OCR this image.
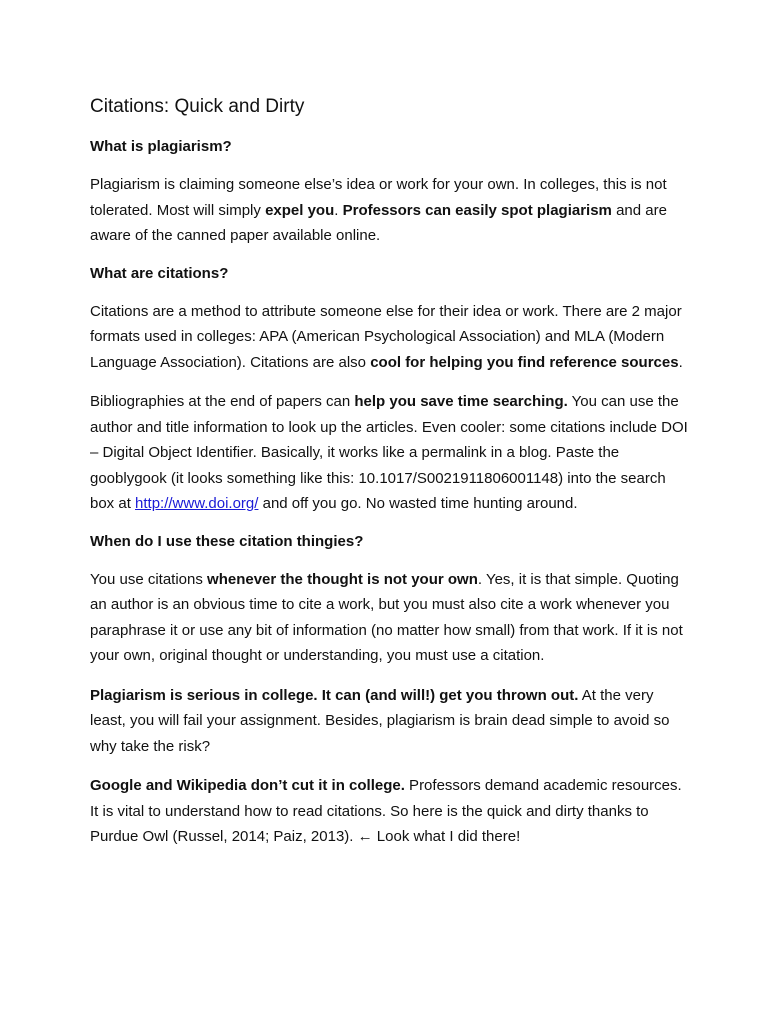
Citations: Quick and Dirty
What is plagiarism?
Plagiarism is claiming someone else’s idea or work for your own. In colleges, this is not tolerated. Most will simply expel you. Professors can easily spot plagiarism and are aware of the canned paper available online.
What are citations?
Citations are a method to attribute someone else for their idea or work. There are 2 major formats used in colleges: APA (American Psychological Association) and MLA (Modern Language Association). Citations are also cool for helping you find reference sources.
Bibliographies at the end of papers can help you save time searching. You can use the author and title information to look up the articles. Even cooler: some citations include DOI – Digital Object Identifier. Basically, it works like a permalink in a blog. Paste the gooblygook (it looks something like this: 10.1017/S0021911806001148) into the search box at http://www.doi.org/ and off you go. No wasted time hunting around.
When do I use these citation thingies?
You use citations whenever the thought is not your own. Yes, it is that simple. Quoting an author is an obvious time to cite a work, but you must also cite a work whenever you paraphrase it or use any bit of information (no matter how small) from that work. If it is not your own, original thought or understanding, you must use a citation.
Plagiarism is serious in college. It can (and will!) get you thrown out. At the very least, you will fail your assignment. Besides, plagiarism is brain dead simple to avoid so why take the risk?
Google and Wikipedia don’t cut it in college. Professors demand academic resources. It is vital to understand how to read citations. So here is the quick and dirty thanks to Purdue Owl (Russel, 2014; Paiz, 2013). ← Look what I did there!
